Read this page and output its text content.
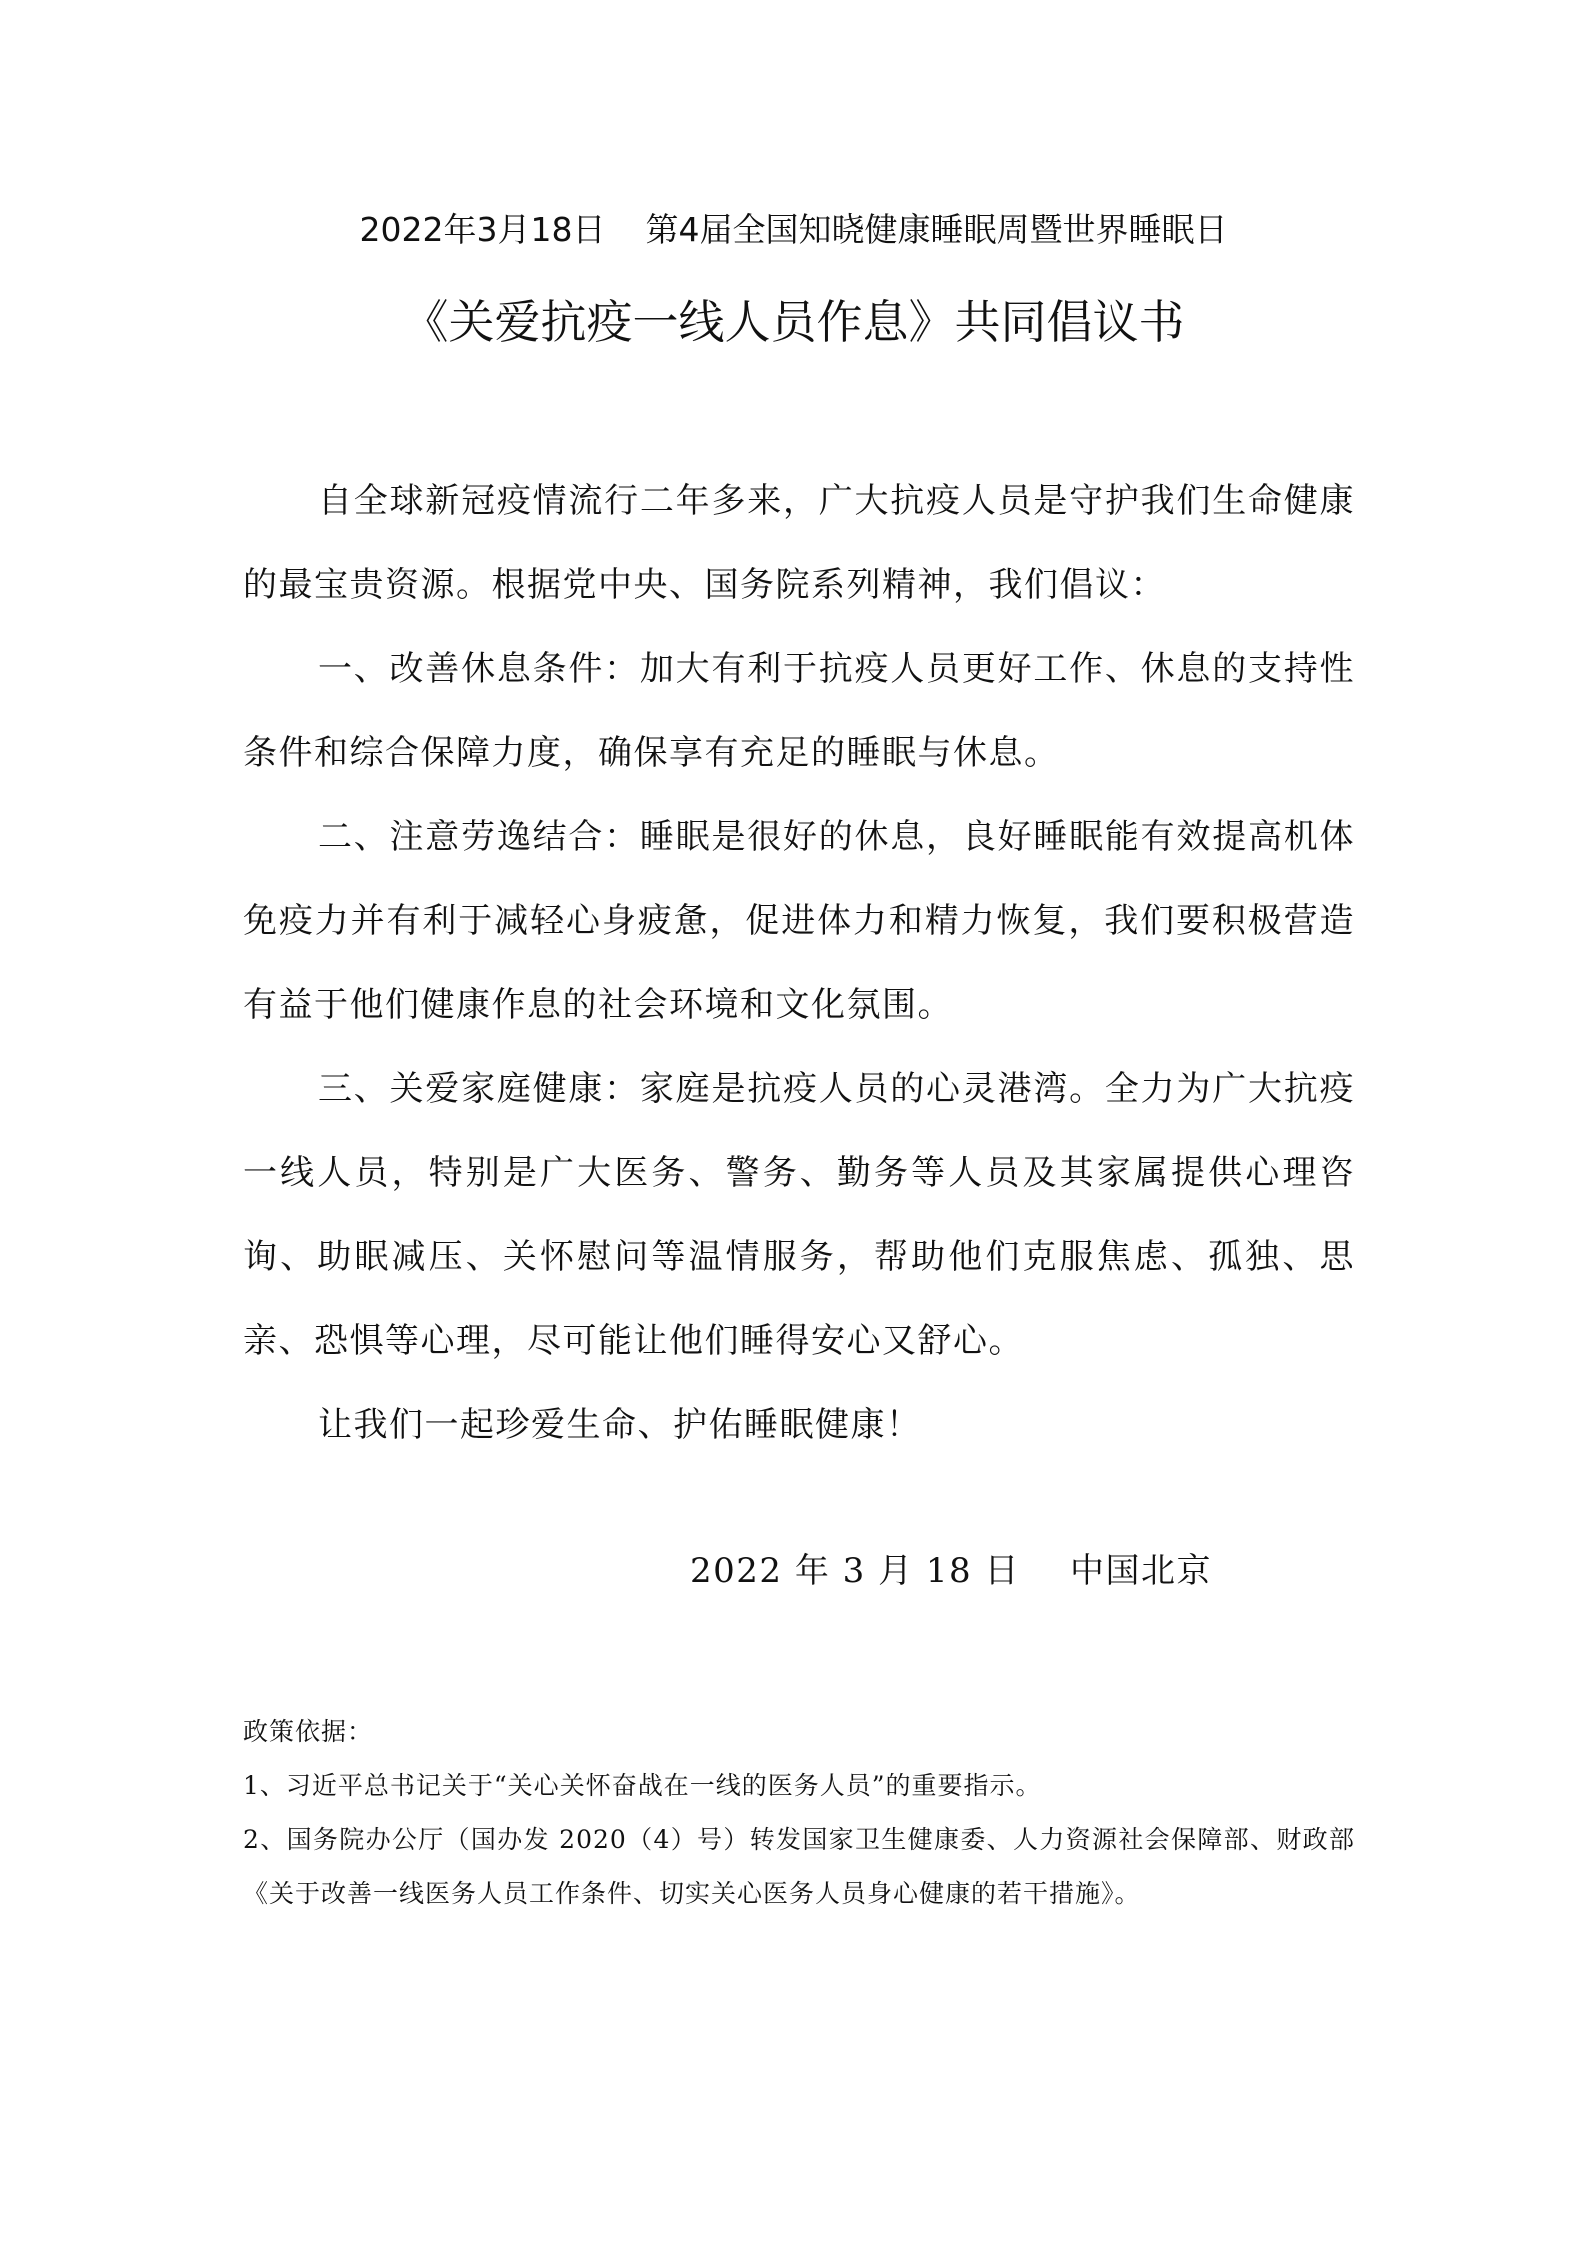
2022年3月18日 第4届全国知晓健康睡眠周暨世界睡眠日
《关爱抗疫一线人员作息》共同倡议书

自全球新冠疫情流行二年多来，广大抗疫人员是守护我们生命健康的最宝贵资源。根据党中央、国务院系列精神，我们倡议：

一、改善休息条件：加大有利于抗疫人员更好工作、休息的支持性条件和综合保障力度，确保享有充足的睡眠与休息。

二、注意劳逸结合：睡眠是很好的休息，良好睡眠能有效提高机体免疫力并有利于减轻心身疲惫，促进体力和精力恢复，我们要积极营造有益于他们健康作息的社会环境和文化氛围。

三、关爱家庭健康：家庭是抗疫人员的心灵港湾。全力为广大抗疫一线人员，特别是广大医务、警务、勤务等人员及其家属提供心理咨询、助眠减压、关怀慰问等温情服务，帮助他们克服焦虑、孤独、思亲、恐惧等心理，尽可能让他们睡得安心又舒心。

让我们一起珍爱生命、护佑睡眠健康！

2022 年 3 月 18 日 中国北京

政策依据：

1、习近平总书记关于“关心关怀奋战在一线的医务人员”的重要指示。

2、国务院办公厅（国办发 2020（4）号）转发国家卫生健康委、人力资源社会保障部、财政部《关于改善一线医务人员工作条件、切实关心医务人员身心健康的若干措施》。
